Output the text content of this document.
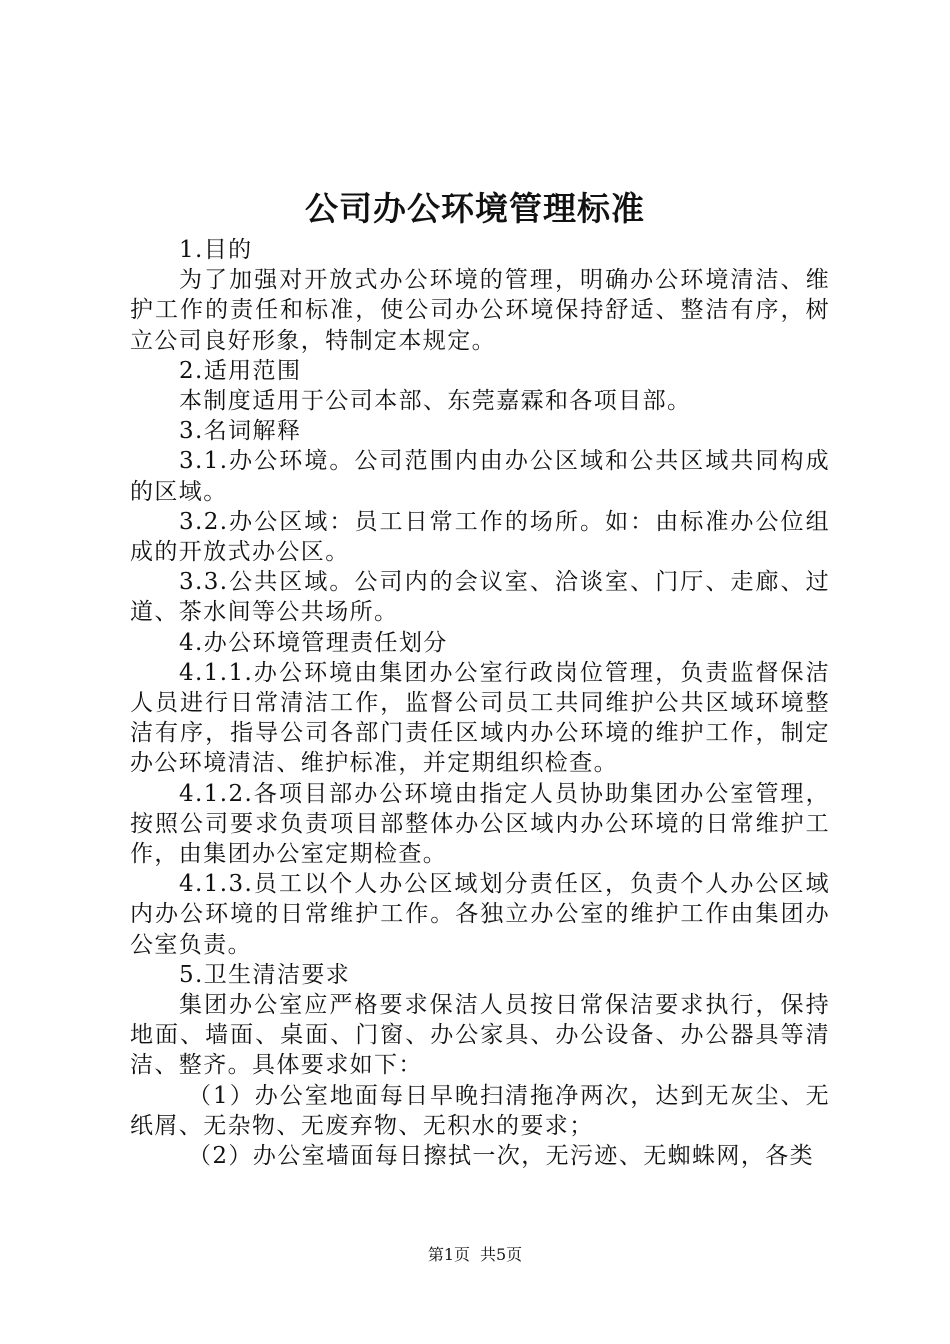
公司办公环境管理标准

1.目的

为了加强对开放式办公环境的管理，明确办公环境清洁、维护工作的责任和标准，使公司办公环境保持舒适、整洁有序，树立公司良好形象，特制定本规定。

2.适用范围

本制度适用于公司本部、东莞嘉霖和各项目部。

3.名词解释

3.1.办公环境。公司范围内由办公区域和公共区域共同构成的区域。

3.2.办公区域：员工日常工作的场所。如：由标准办公位组成的开放式办公区。

3.3.公共区域。公司内的会议室、洽谈室、门厅、走廊、过道、茶水间等公共场所。

4.办公环境管理责任划分

4.1.1.办公环境由集团办公室行政岗位管理，负责监督保洁人员进行日常清洁工作，监督公司员工共同维护公共区域环境整洁有序，指导公司各部门责任区域内办公环境的维护工作，制定办公环境清洁、维护标准，并定期组织检查。

4.1.2.各项目部办公环境由指定人员协助集团办公室管理，按照公司要求负责项目部整体办公区域内办公环境的日常维护工作，由集团办公室定期检查。

4.1.3.员工以个人办公区域划分责任区，负责个人办公区域内办公环境的日常维护工作。各独立办公室的维护工作由集团办公室负责。

5.卫生清洁要求

集团办公室应严格要求保洁人员按日常保洁要求执行，保持地面、墙面、桌面、门窗、办公家具、办公设备、办公器具等清洁、整齐。具体要求如下：

（1）办公室地面每日早晚扫清拖净两次，达到无灰尘、无纸屑、无杂物、无废弃物、无积水的要求；

（2）办公室墙面每日擦拭一次，无污迹、无蜘蛛网，各类

第1页 共5页
